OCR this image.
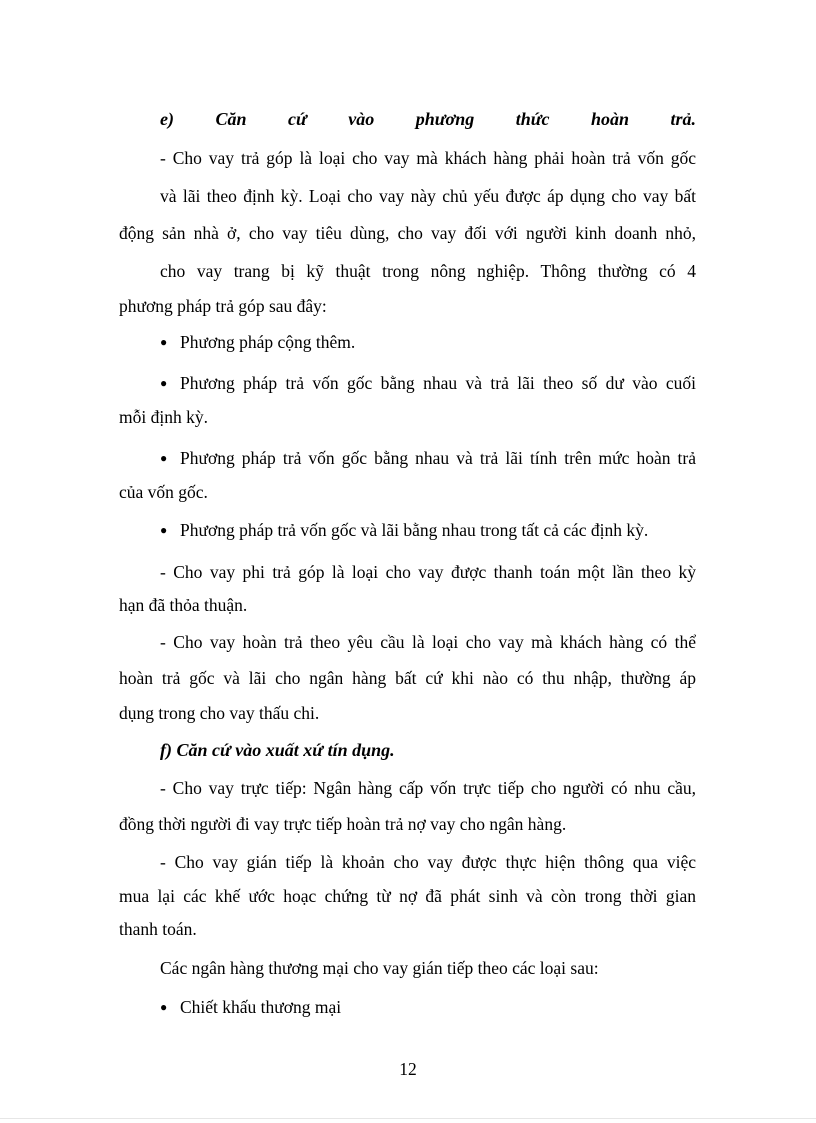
e) Căn cứ vào phương thức hoàn trả.
- Cho vay trả góp là loại cho vay mà khách hàng phải hoàn trả vốn gốc
và lãi theo định kỳ. Loại cho vay này chủ yếu được áp dụng cho vay bất
động sản nhà ở, cho vay tiêu dùng, cho vay đối với người kinh doanh nhỏ,
cho vay trang bị kỹ thuật trong nông nghiệp. Thông thường có 4
phương pháp trả góp sau đây:
● Phương pháp cộng thêm.
● Phương pháp trả vốn gốc bằng nhau và trả lãi theo số dư vào cuối
mỗi định kỳ.
● Phương pháp trả vốn gốc bằng nhau và trả lãi tính trên mức hoàn trả
của vốn gốc.
● Phương pháp trả vốn gốc và lãi bằng nhau trong tất cả các định kỳ.
- Cho vay phi trả góp là loại cho vay được thanh toán một lần theo kỳ
hạn đã thỏa thuận.
- Cho vay hoàn trả theo yêu cầu là loại cho vay mà khách hàng có thể
hoàn trả gốc và lãi cho ngân hàng bất cứ khi nào có thu nhập, thường áp
dụng trong cho vay thấu chi.
f) Căn cứ vào xuất xứ tín dụng.
- Cho vay trực tiếp: Ngân hàng cấp vốn trực tiếp cho người có nhu cầu,
đồng thời người đi vay trực tiếp hoàn trả nợ vay cho ngân hàng.
- Cho vay gián tiếp là khoản cho vay được thực hiện thông qua việc
mua lại các khế ước hoạc chứng từ nợ đã phát sinh và còn trong thời gian
thanh toán.
Các ngân hàng thương mại cho vay gián tiếp theo các loại sau:
● Chiết khấu thương mại
12
